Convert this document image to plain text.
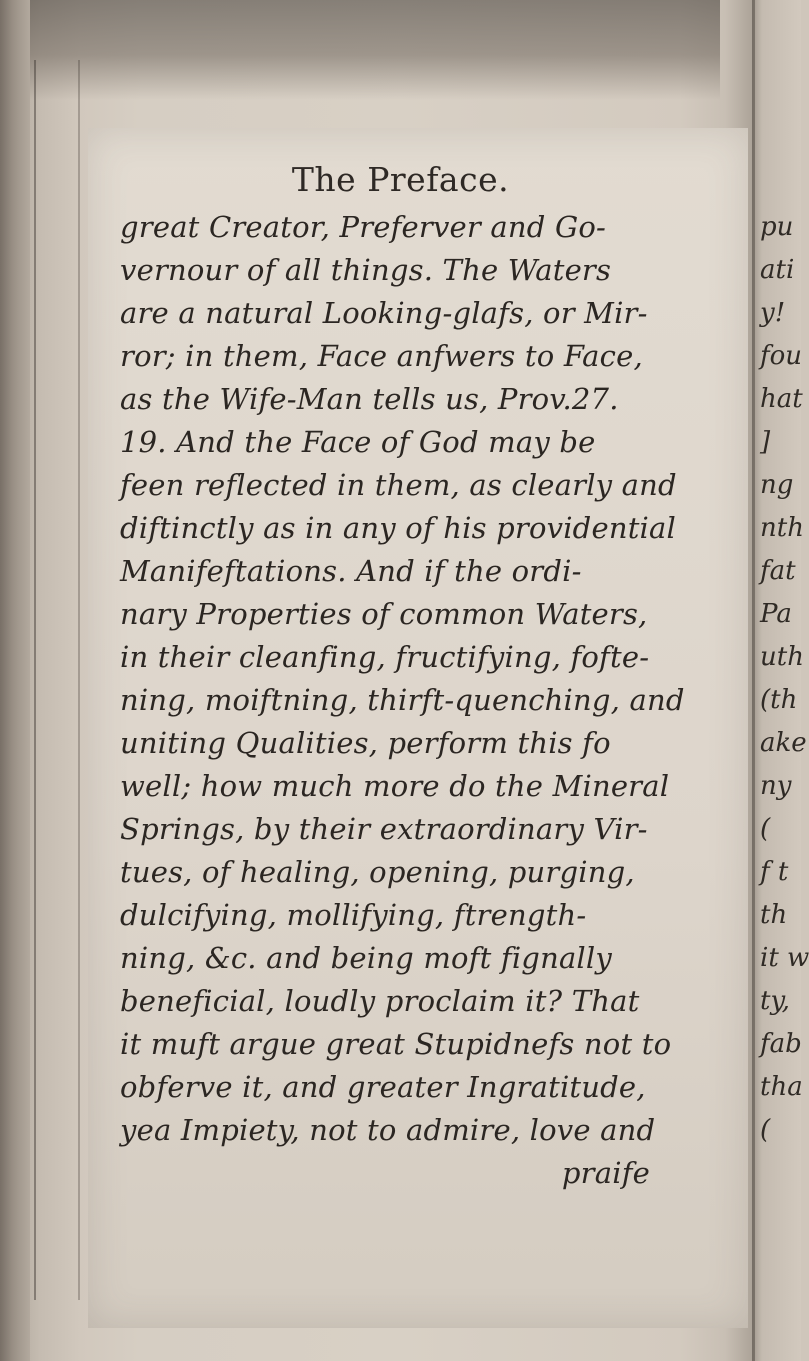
The Preface.
great Creator, Preferver and Go-
vernour of all things. The Waters
are a natural Looking-glafs, or Mir-
ror; in them, Face anfwers to Face,
as the Wife-Man tells us, Prov.27.
19. And the Face of God may be
feen reflected in them, as clearly and
diftinctly as in any of his providential
Manifeftations. And if the ordi-
nary Properties of common Waters,
in their cleanfing, fructifying, fofte-
ning, moiftning, thirft-quenching, and
uniting Qualities, perform this fo
well; how much more do the Mineral
Springs, by their extraordinary Vir-
tues, of healing, opening, purging,
dulcifying, mollifying, ftrength-
ning, &c. and being moft fignally
beneficial, loudly proclaim it? That
it muft argue great Stupidnefs not to
obferve it, and greater Ingratitude,
yea Impiety, not to admire, love and
praife
pu
ati
y!
fou
hat
]
ng
nth
fat
Pa
uth
(th
ake
ny
(
f t
th
it w
ty,
fab
tha
(
